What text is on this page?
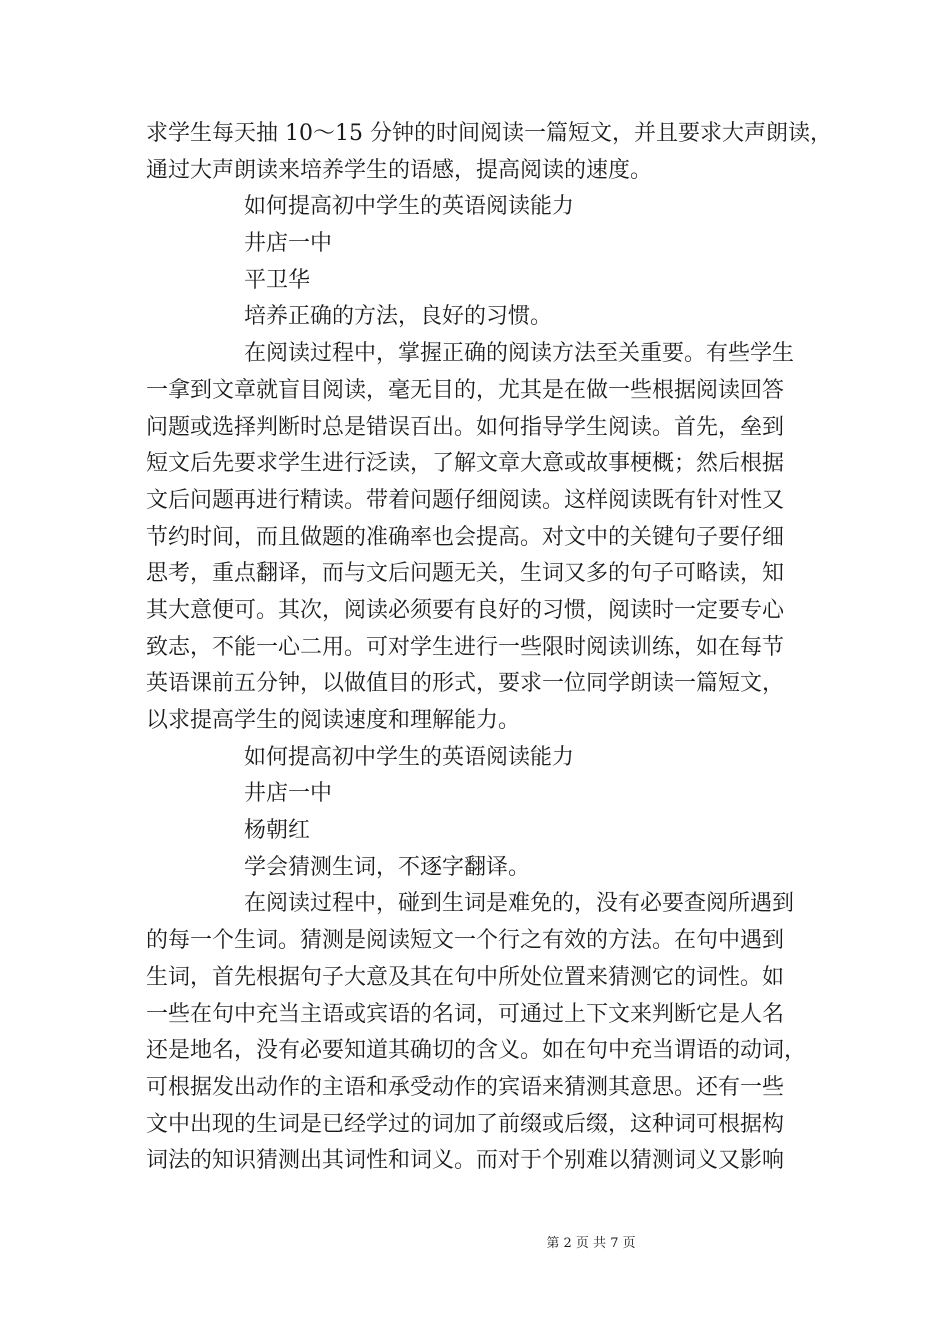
求学生每天抽 10～15 分钟的时间阅读一篇短文，并且要求大声朗读，
通过大声朗读来培养学生的语感，提高阅读的速度。
如何提高初中学生的英语阅读能力
井店一中
平卫华
培养正确的方法，良好的习惯。
在阅读过程中，掌握正确的阅读方法至关重要。有些学生
一拿到文章就盲目阅读，毫无目的，尤其是在做一些根据阅读回答
问题或选择判断时总是错误百出。如何指导学生阅读。首先，垒到
短文后先要求学生进行泛读，了解文章大意或故事梗概；然后根据
文后问题再进行精读。带着问题仔细阅读。这样阅读既有针对性又
节约时间，而且做题的准确率也会提高。对文中的关键句子要仔细
思考，重点翻译，而与文后问题无关，生词又多的句子可略读，知
其大意便可。其次，阅读必须要有良好的习惯，阅读时一定要专心
致志，不能一心二用。可对学生进行一些限时阅读训练，如在每节
英语课前五分钟，以做值目的形式，要求一位同学朗读一篇短文，
以求提高学生的阅读速度和理解能力。
如何提高初中学生的英语阅读能力
井店一中
杨朝红
学会猜测生词，不逐字翻译。
在阅读过程中，碰到生词是难免的，没有必要查阅所遇到
的每一个生词。猜测是阅读短文一个行之有效的方法。在句中遇到
生词，首先根据句子大意及其在句中所处位置来猜测它的词性。如
一些在句中充当主语或宾语的名词，可通过上下文来判断它是人名
还是地名，没有必要知道其确切的含义。如在句中充当谓语的动词，
可根据发出动作的主语和承受动作的宾语来猜测其意思。还有一些
文中出现的生词是已经学过的词加了前缀或后缀，这种词可根据构
词法的知识猜测出其词性和词义。而对于个别难以猜测词义又影响
第 2 页 共 7 页
